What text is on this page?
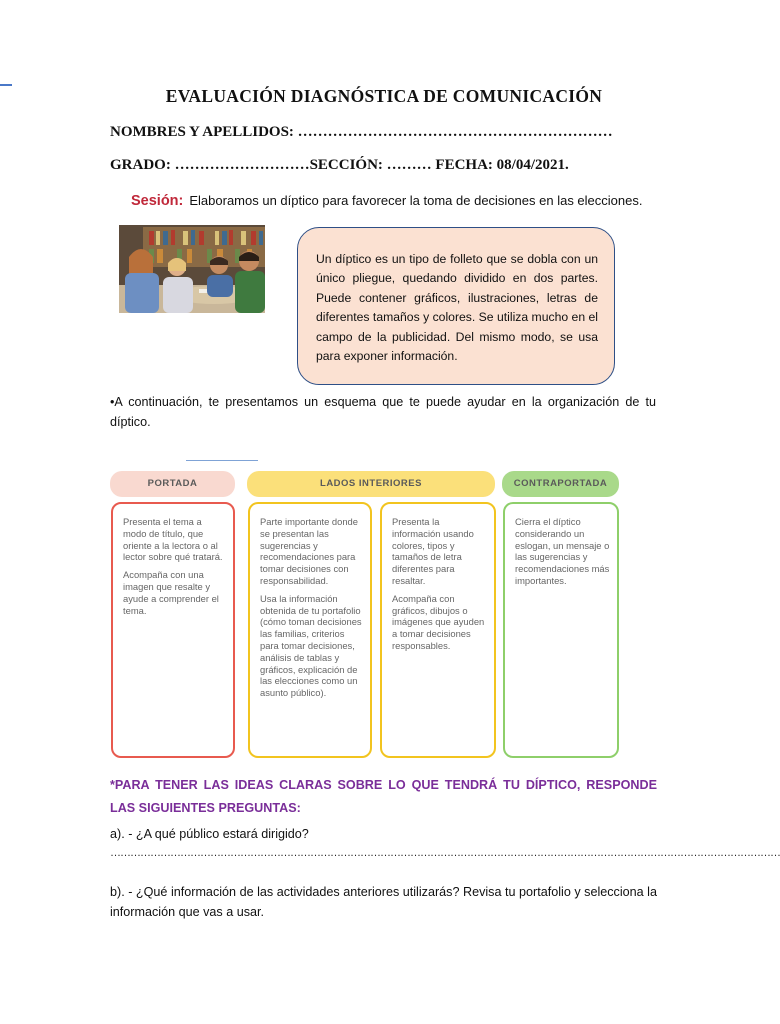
EVALUACIÓN DIAGNÓSTICA DE COMUNICACIÓN
NOMBRES Y APELLIDOS: ………………………………………………………
GRADO: ………………………SECCIÓN: ……… FECHA: 08/04/2021.
Sesión: Elaboramos un díptico para favorecer la toma de decisiones en las elecciones.
Un díptico es un tipo de folleto que se dobla con un único pliegue, quedando dividido en dos partes. Puede contener gráficos, ilustraciones, letras de diferentes tamaños y colores. Se utiliza mucho en el campo de la publicidad. Del mismo modo, se usa para exponer información.
•A continuación, te presentamos un esquema que te puede ayudar en la organización de tu díptico.
PORTADA	LADOS INTERIORES	CONTRAPORTADA

Presenta el tema a modo de título, que oriente a la lectora o al lector sobre qué tratará.

Acompaña con una imagen que resalte y ayude a comprender el tema.

Parte importante donde se presentan las sugerencias y recomendaciones para tomar decisiones con responsabilidad.

Usa la información obtenida de tu portafolio (cómo toman decisiones las familias, criterios para tomar decisiones, análisis de tablas y gráficos, explicación de las elecciones como un asunto público).

Presenta la información usando colores, tipos y tamaños de letra diferentes para resaltar.

Acompaña con gráficos, dibujos o imágenes que ayuden a tomar decisiones responsables.

Cierra el díptico considerando un eslogan, un mensaje o las sugerencias y recomendaciones más importantes.

*PARA TENER LAS IDEAS CLARAS SOBRE LO QUE TENDRÁ TU DÍPTICO, RESPONDE LAS SIGUIENTES PREGUNTAS:
a). - ¿A qué público estará dirigido?
…………………………………………………………………………………………………………………………………………………………………………………
b). - ¿Qué información de las actividades anteriores utilizarás? Revisa tu portafolio y selecciona la información que vas a usar.
